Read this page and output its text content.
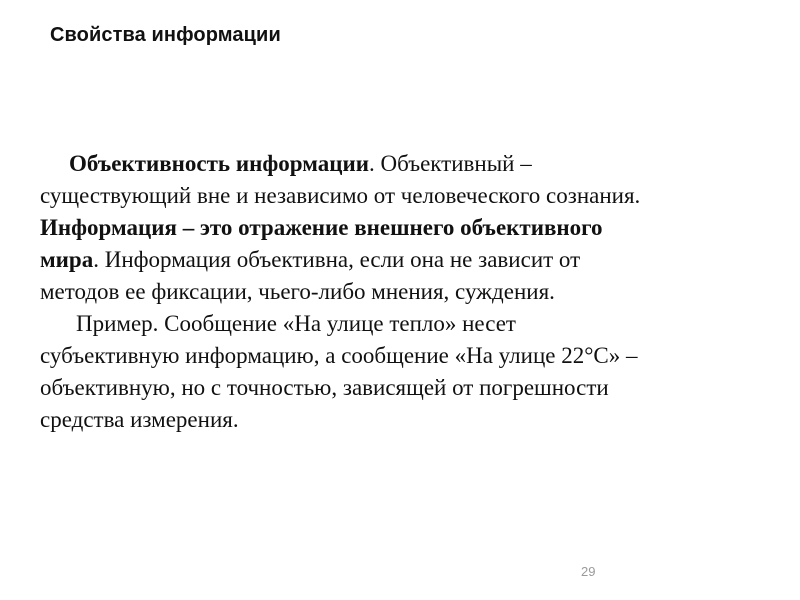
Свойства информации
Объективность информации. Объективный –
существующий вне и независимо от человеческого сознания.
Информация – это отражение внешнего объективного
мира. Информация объективна, если она не зависит от
методов ее фиксации, чьего-либо мнения, суждения.
Пример. Сообщение «На улице тепло» несет
субъективную информацию, а сообщение «На улице 22°С» –
объективную, но с точностью, зависящей от погрешности
средства измерения.
29
